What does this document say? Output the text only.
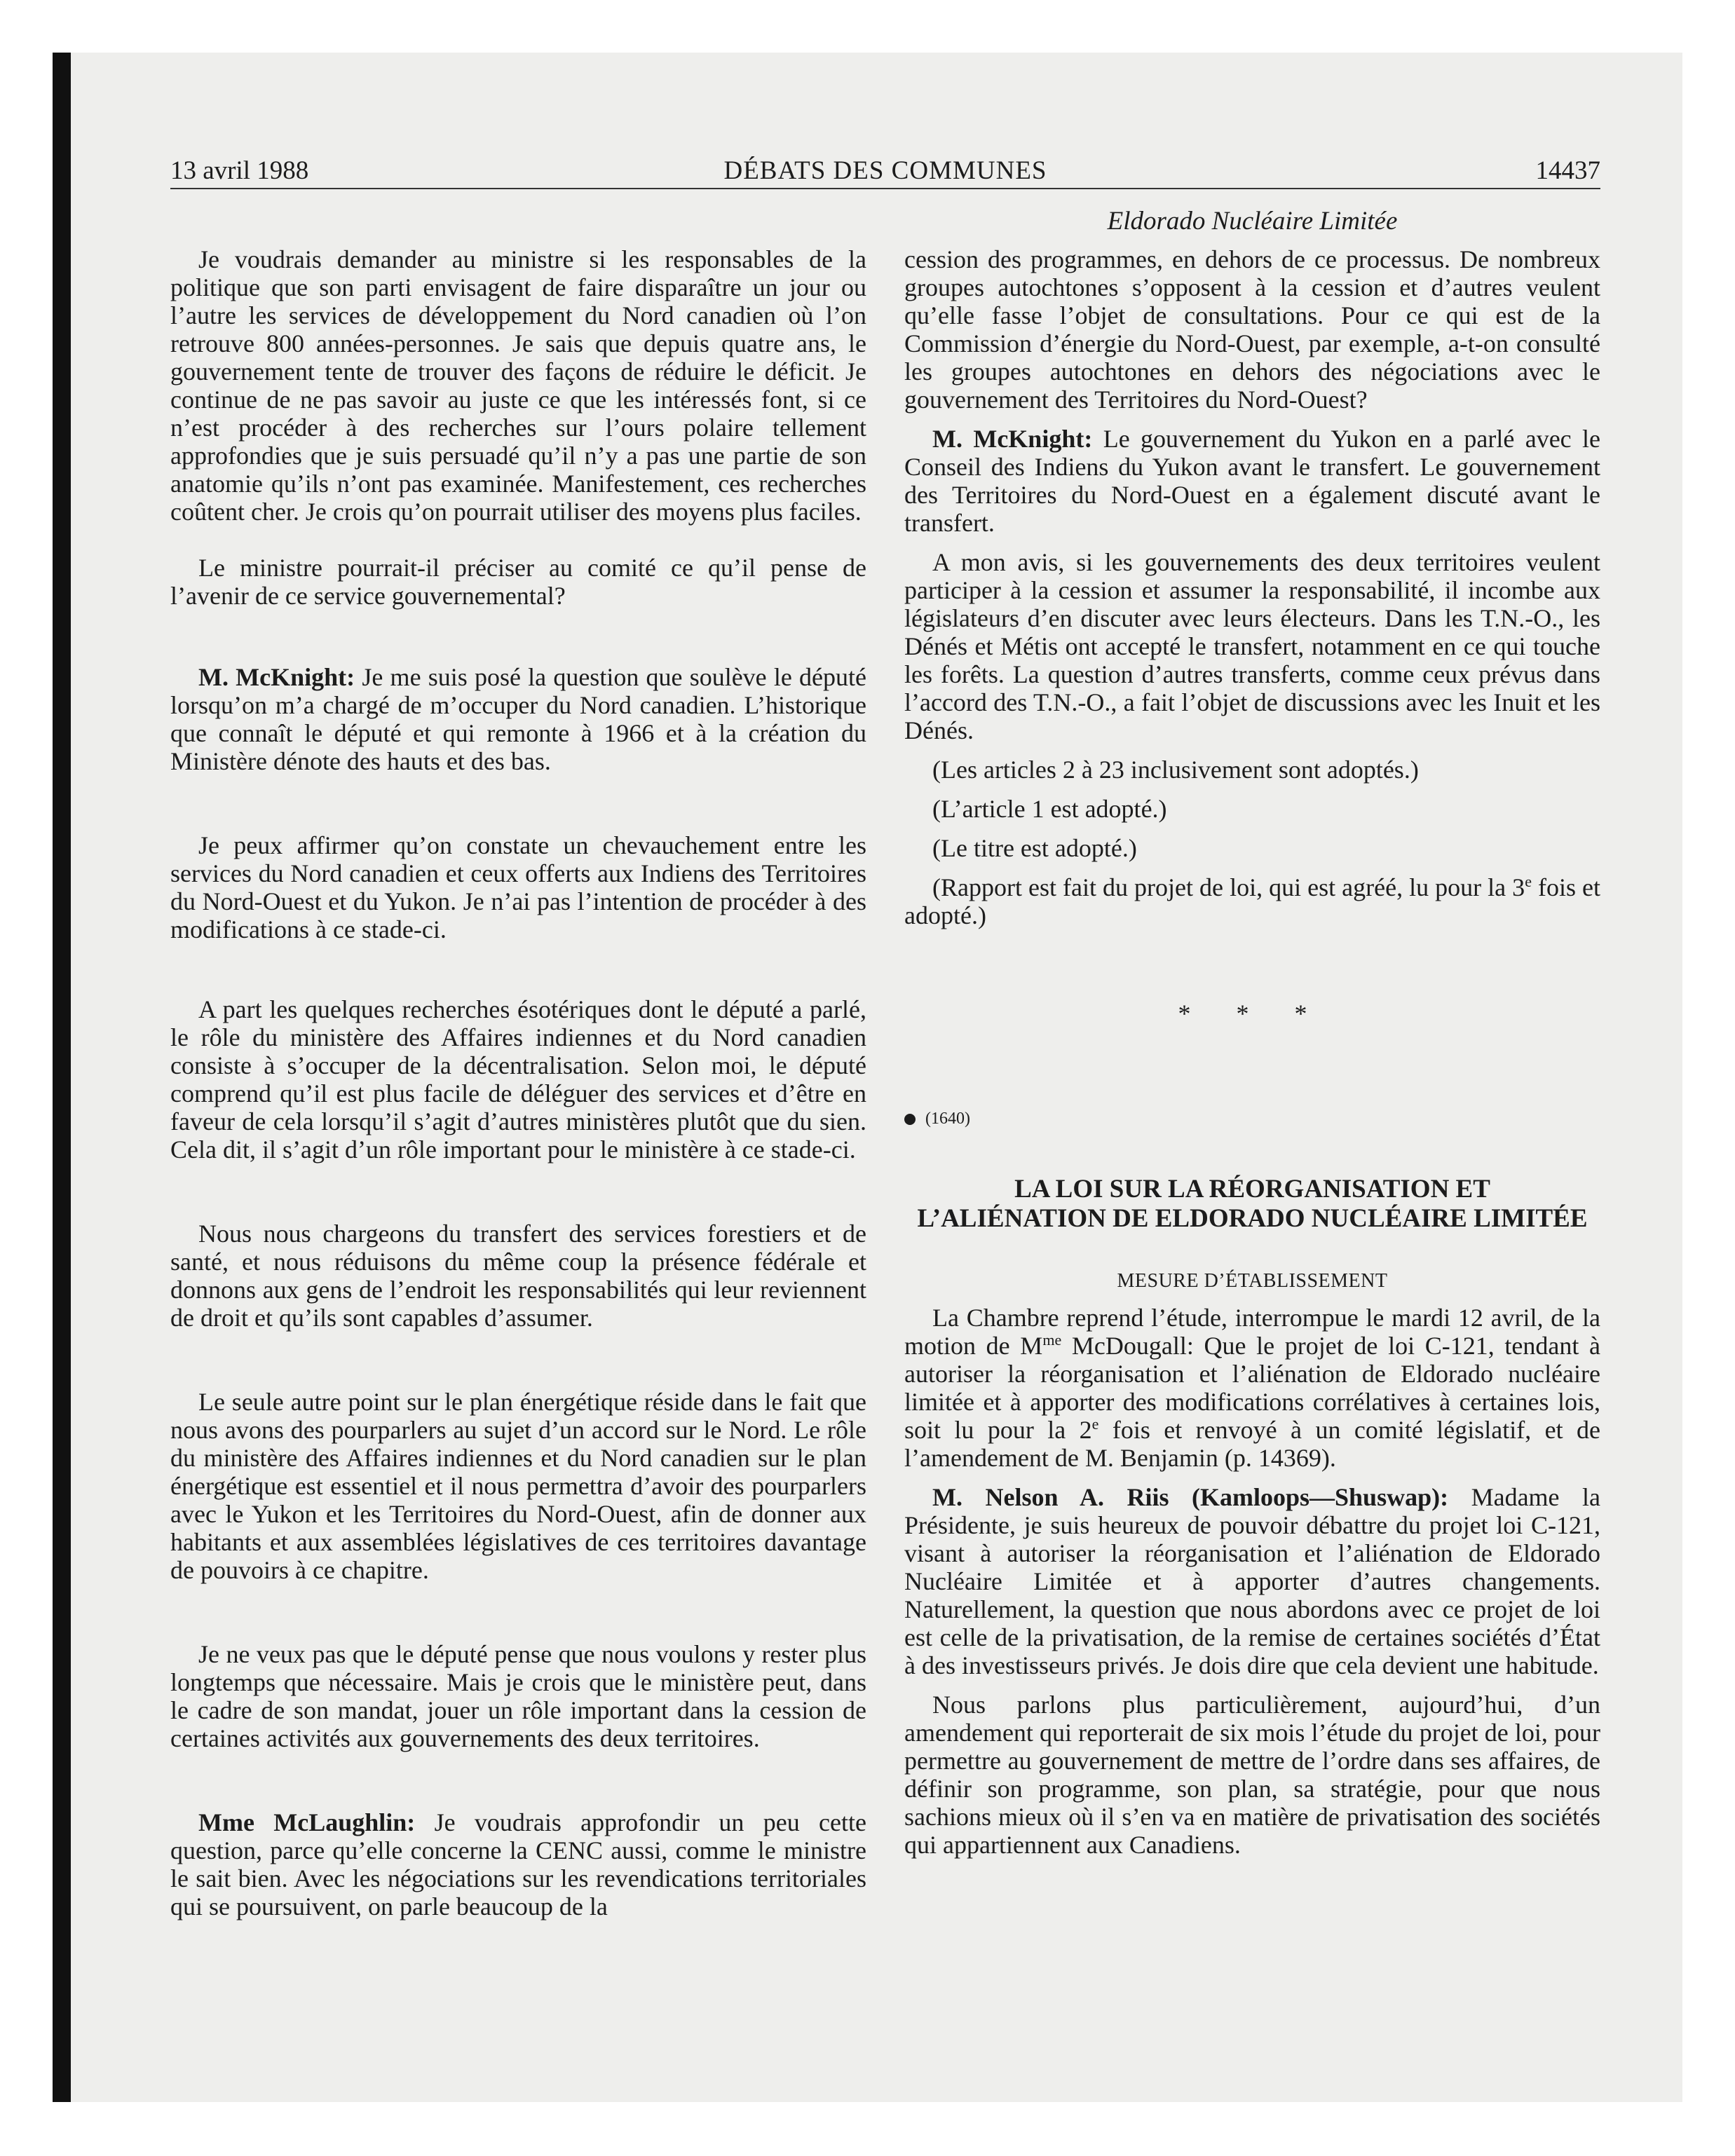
13 avril 1988	DÉBATS DES COMMUNES	14437
Eldorado Nucléaire Limitée

Je voudrais demander au ministre si les responsables de la politique que son parti envisagent de faire disparaître un jour ou l’autre les services de développement du Nord canadien où l’on retrouve 800 années-personnes. Je sais que depuis quatre ans, le gouvernement tente de trouver des façons de réduire le déficit. Je continue de ne pas savoir au juste ce que les intéressés font, si ce n’est procéder à des recherches sur l’ours polaire tellement approfondies que je suis persuadé qu’il n’y a pas une partie de son anatomie qu’ils n’ont pas examinée. Manifestement, ces recherches coûtent cher. Je crois qu’on pourrait utiliser des moyens plus faciles.

Le ministre pourrait-il préciser au comité ce qu’il pense de l’avenir de ce service gouvernemental?

M. McKnight: Je me suis posé la question que soulève le député lorsqu’on m’a chargé de m’occuper du Nord canadien. L’historique que connaît le député et qui remonte à 1966 et à la création du Ministère dénote des hauts et des bas.

Je peux affirmer qu’on constate un chevauchement entre les services du Nord canadien et ceux offerts aux Indiens des Territoires du Nord-Ouest et du Yukon. Je n’ai pas l’intention de procéder à des modifications à ce stade-ci.

A part les quelques recherches ésotériques dont le député a parlé, le rôle du ministère des Affaires indiennes et du Nord canadien consiste à s’occuper de la décentralisation. Selon moi, le député comprend qu’il est plus facile de déléguer des services et d’être en faveur de cela lorsqu’il s’agit d’autres ministères plutôt que du sien. Cela dit, il s’agit d’un rôle important pour le ministère à ce stade-ci.

Nous nous chargeons du transfert des services forestiers et de santé, et nous réduisons du même coup la présence fédérale et donnons aux gens de l’endroit les responsabilités qui leur reviennent de droit et qu’ils sont capables d’assumer.

Le seule autre point sur le plan énergétique réside dans le fait que nous avons des pourparlers au sujet d’un accord sur le Nord. Le rôle du ministère des Affaires indiennes et du Nord canadien sur le plan énergétique est essentiel et il nous permettra d’avoir des pourparlers avec le Yukon et les Territoires du Nord-Ouest, afin de donner aux habitants et aux assemblées législatives de ces territoires davantage de pouvoirs à ce chapitre.

Je ne veux pas que le député pense que nous voulons y rester plus longtemps que nécessaire. Mais je crois que le ministère peut, dans le cadre de son mandat, jouer un rôle important dans la cession de certaines activités aux gouvernements des deux territoires.

Mme McLaughlin: Je voudrais approfondir un peu cette question, parce qu’elle concerne la CENC aussi, comme le ministre le sait bien. Avec les négociations sur les revendications territoriales qui se poursuivent, on parle beaucoup de la

cession des programmes, en dehors de ce processus. De nombreux groupes autochtones s’opposent à la cession et d’autres veulent qu’elle fasse l’objet de consultations. Pour ce qui est de la Commission d’énergie du Nord-Ouest, par exemple, a-t-on consulté les groupes autochtones en dehors des négociations avec le gouvernement des Territoires du Nord-Ouest?

M. McKnight: Le gouvernement du Yukon en a parlé avec le Conseil des Indiens du Yukon avant le transfert. Le gouvernement des Territoires du Nord-Ouest en a également discuté avant le transfert.

A mon avis, si les gouvernements des deux territoires veulent participer à la cession et assumer la responsabilité, il incombe aux législateurs d’en discuter avec leurs électeurs. Dans les T.N.-O., les Dénés et Métis ont accepté le transfert, notamment en ce qui touche les forêts. La question d’autres transferts, comme ceux prévus dans l’accord des T.N.-O., a fait l’objet de discussions avec les Inuit et les Dénés.

(Les articles 2 à 23 inclusivement sont adoptés.)

(L’article 1 est adopté.)

(Le titre est adopté.)

(Rapport est fait du projet de loi, qui est agréé, lu pour la 3e fois et adopté.)

* * *
(1640)
LA LOI SUR LA RÉORGANISATION ET
L’ALIÉNATION DE ELDORADO NUCLÉAIRE LIMITÉE
MESURE D’ÉTABLISSEMENT

La Chambre reprend l’étude, interrompue le mardi 12 avril, de la motion de $M^{me}$ McDougall: Que le projet de loi C-121, tendant à autoriser la réorganisation et l’aliénation de Eldorado nucléaire limitée et à apporter des modifications corrélatives à certaines lois, soit lu pour la 2e fois et renvoyé à un comité législatif, et de l’amendement de M. Benjamin (p. 14369).

M. Nelson A. Riis (Kamloops—Shuswap): Madame la Présidente, je suis heureux de pouvoir débattre du projet loi C-121, visant à autoriser la réorganisation et l’aliénation de Eldorado Nucléaire Limitée et à apporter d’autres changements. Naturellement, la question que nous abordons avec ce projet de loi est celle de la privatisation, de la remise de certaines sociétés d’État à des investisseurs privés. Je dois dire que cela devient une habitude.

Nous parlons plus particulièrement, aujourd’hui, d’un amendement qui reporterait de six mois l’étude du projet de loi, pour permettre au gouvernement de mettre de l’ordre dans ses affaires, de définir son programme, son plan, sa stratégie, pour que nous sachions mieux où il s’en va en matière de privatisation des sociétés qui appartiennent aux Canadiens.
